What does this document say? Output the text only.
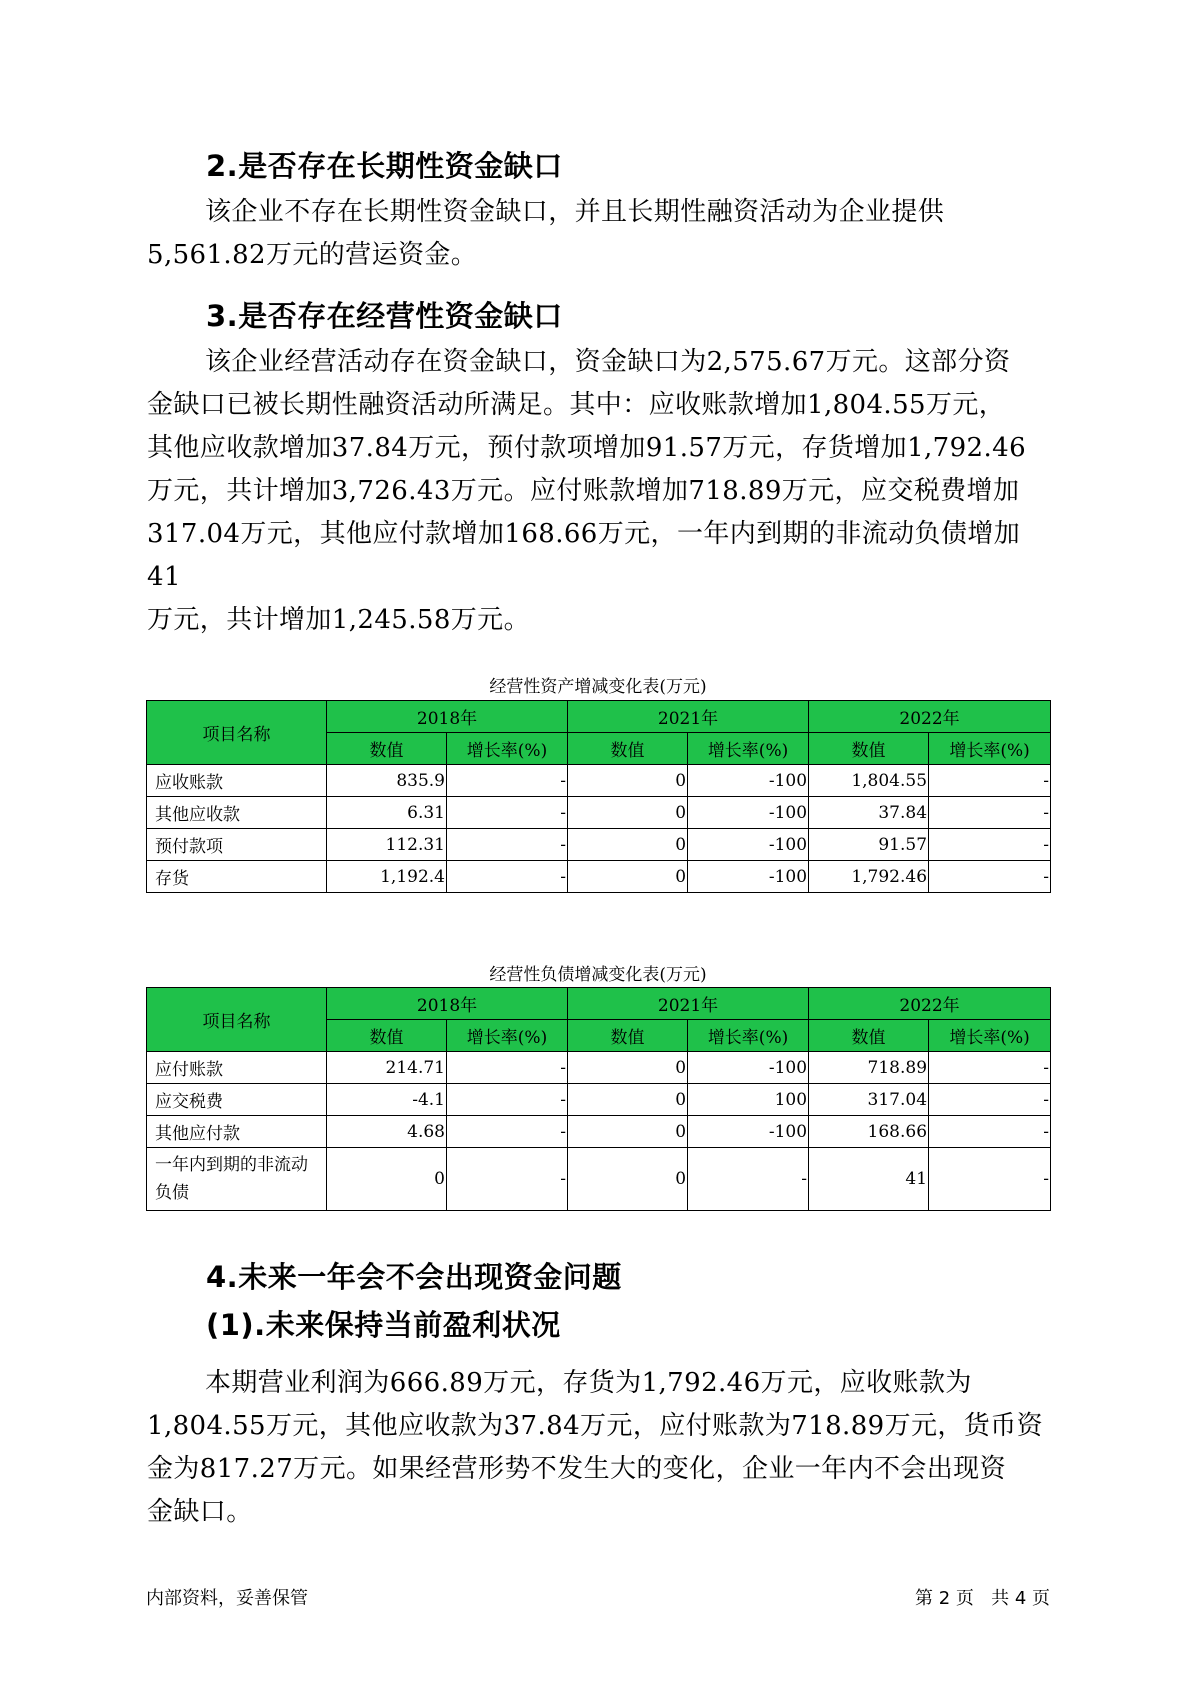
2.是否存在长期性资金缺口

该企业不存在长期性资金缺口，并且长期性融资活动为企业提供
5,561.82万元的营运资金。

3.是否存在经营性资金缺口

该企业经营活动存在资金缺口，资金缺口为2,575.67万元。这部分资
金缺口已被长期性融资活动所满足。其中：应收账款增加1,804.55万元，
其他应收款增加37.84万元，预付款项增加91.57万元，存货增加1,792.46
万元，共计增加3,726.43万元。应付账款增加718.89万元，应交税费增加
317.04万元，其他应付款增加168.66万元，一年内到期的非流动负债增加41
万元，共计增加1,245.58万元。

经营性资产增减变化表(万元)
项目名称	2018年		2021年		2022年	
	数值	增长率(%)	数值	增长率(%)	数值	增长率(%)
应收账款	835.9	-	0	-100	1,804.55	-
其他应收款	6.31	-	0	-100	37.84	-
预付款项	112.31	-	0	-100	91.57	-
存货	1,192.4	-	0	-100	1,792.46	-
经营性负债增减变化表(万元)
项目名称	2018年		2021年		2022年	
	数值	增长率(%)	数值	增长率(%)	数值	增长率(%)
应付账款	214.71	-	0	-100	718.89	-
应交税费	-4.1	-	0	100	317.04	-
其他应付款	4.68	-	0	-100	168.66	-
一年内到期的非流动负债	0	-	0	-	41	-
4.未来一年会不会出现资金问题
(1).未来保持当前盈利状况

本期营业利润为666.89万元，存货为1,792.46万元，应收账款为
1,804.55万元，其他应收款为37.84万元，应付账款为718.89万元，货币资
金为817.27万元。如果经营形势不发生大的变化，企业一年内不会出现资
金缺口。

内部资料，妥善保管	第 2 页   共 4 页
